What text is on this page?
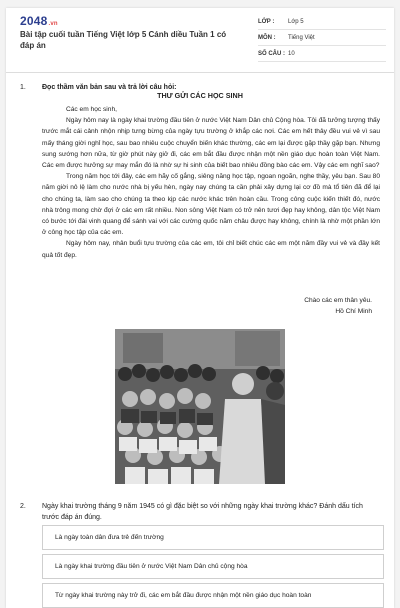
2048.vn
Bài tập cuối tuần Tiếng Việt lớp 5 Cánh diều Tuần 1 có đáp án
LỚP :	Lớp 5
MÔN :	Tiếng Việt
SỐ CÂU : 10
1. Đọc thầm văn bản sau và trả lời câu hỏi:
THƯ GỬI CÁC HỌC SINH

Các em học sinh,

Ngày hôm nay là ngày khai trường đầu tiên ở nước Việt Nam Dân chủ Cộng hòa. Tôi đã tưởng tượng thấy trước mắt cái cảnh nhộn nhịp tưng bừng của ngày tựu trường ở khắp các nơi. Các em hết thảy đều vui vẻ vì sau mấy tháng giời nghỉ học, sau bao nhiêu cuộc chuyển biến khác thường, các em lại được gặp thầy gặp bạn. Nhưng sung sướng hơn nữa, từ giờ phút này giở đi, các em bắt đầu được nhận một nền giáo dục hoàn toàn Việt Nam. Các em được hưởng sự may mắn đó là nhờ sự hi sinh của biết bao nhiêu đồng bào các em. Vậy các em nghĩ sao?

Trong năm học tới đây, các em hãy cố gắng, siêng năng học tập, ngoan ngoãn, nghe thầy, yêu bạn. Sau 80 năm giời nô lệ làm cho nước nhà bị yếu hèn, ngày nay chúng ta cần phải xây dựng lại cơ đồ mà tổ tiên đã để lại cho chúng ta, làm sao cho chúng ta theo kịp các nước khác trên hoàn cầu. Trong công cuộc kiến thiết đó, nước nhà trông mong chờ đợi ở các em rất nhiều. Non sông Việt Nam có trở nên tươi đẹp hay không, dân tộc Việt Nam có bước tới đài vinh quang để sánh vai với các cường quốc năm châu được hay không, chính là nhờ một phần lớn ở công học tập của các em.

Ngày hôm nay, nhân buổi tựu trường của các em, tôi chỉ biết chúc các em một năm đầy vui vẻ và đầy kết quả tốt đẹp.

Chào các em thân yêu.
Hồ Chí Minh
2. Ngày khai trường tháng 9 năm 1945 có gì đặc biệt so với những ngày khai trường khác? Đánh dấu tích trước đáp án đúng.
Là ngày toàn dân đưa trẻ đến trường
Là ngày khai trường đầu tiên ở nước Việt Nam Dân chủ cộng hòa
Từ ngày khai trường này trở đi, các em bắt đầu được nhận một nền giáo dục hoàn toàn
